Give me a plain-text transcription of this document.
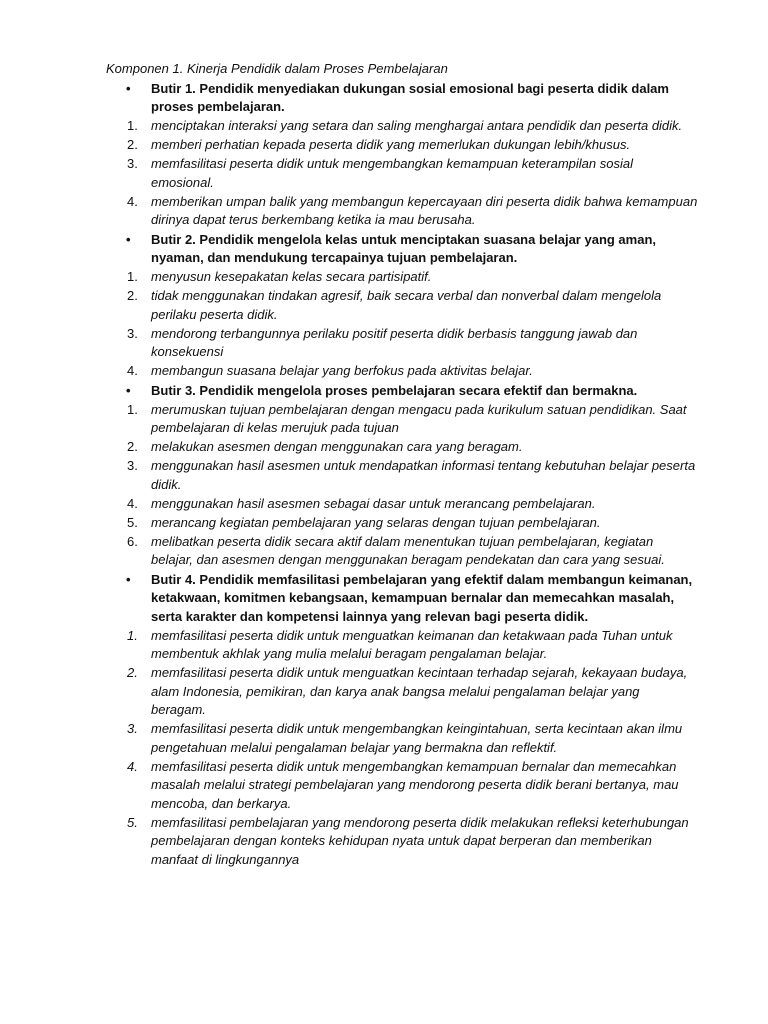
Komponen 1. Kinerja Pendidik dalam Proses Pembelajaran

• Butir 1. Pendidik menyediakan dukungan sosial emosional bagi peserta didik dalam proses pembelajaran.
1. menciptakan interaksi yang setara dan saling menghargai antara pendidik dan peserta didik.
2. memberi perhatian kepada peserta didik yang memerlukan dukungan lebih/khusus.
3. memfasilitasi peserta didik untuk mengembangkan kemampuan keterampilan sosial emosional.
4. memberikan umpan balik yang membangun kepercayaan diri peserta didik bahwa kemampuan dirinya dapat terus berkembang ketika ia mau berusaha.
• Butir 2. Pendidik mengelola kelas untuk menciptakan suasana belajar yang aman, nyaman, dan mendukung tercapainya tujuan pembelajaran.
1. menyusun kesepakatan kelas secara partisipatif.
2. tidak menggunakan tindakan agresif, baik secara verbal dan nonverbal dalam mengelola perilaku peserta didik.
3. mendorong terbangunnya perilaku positif peserta didik berbasis tanggung jawab dan konsekuensi
4. membangun suasana belajar yang berfokus pada aktivitas belajar.
• Butir 3. Pendidik mengelola proses pembelajaran secara efektif dan bermakna.
1. merumuskan tujuan pembelajaran dengan mengacu pada kurikulum satuan pendidikan. Saat pembelajaran di kelas merujuk pada tujuan
2. melakukan asesmen dengan menggunakan cara yang beragam.
3. menggunakan hasil asesmen untuk mendapatkan informasi tentang kebutuhan belajar peserta didik.
4. menggunakan hasil asesmen sebagai dasar untuk merancang pembelajaran.
5. merancang kegiatan pembelajaran yang selaras dengan tujuan pembelajaran.
6. melibatkan peserta didik secara aktif dalam menentukan tujuan pembelajaran, kegiatan belajar, dan asesmen dengan menggunakan beragam pendekatan dan cara yang sesuai.
• Butir 4. Pendidik memfasilitasi pembelajaran yang efektif dalam membangun keimanan, ketakwaan, komitmen kebangsaan, kemampuan bernalar dan memecahkan masalah, serta karakter dan kompetensi lainnya yang relevan bagi peserta didik.
1. memfasilitasi peserta didik untuk menguatkan keimanan dan ketakwaan pada Tuhan untuk membentuk akhlak yang mulia melalui beragam pengalaman belajar.
2. memfasilitasi peserta didik untuk menguatkan kecintaan terhadap sejarah, kekayaan budaya, alam Indonesia, pemikiran, dan karya anak bangsa melalui pengalaman belajar yang beragam.
3. memfasilitasi peserta didik untuk mengembangkan keingintahuan, serta kecintaan akan ilmu pengetahuan melalui pengalaman belajar yang bermakna dan reflektif.
4. memfasilitasi peserta didik untuk mengembangkan kemampuan bernalar dan memecahkan masalah melalui strategi pembelajaran yang mendorong peserta didik berani bertanya, mau mencoba, dan berkarya.
5. memfasilitasi pembelajaran yang mendorong peserta didik melakukan refleksi keterhubungan pembelajaran dengan konteks kehidupan nyata untuk dapat berperan dan memberikan manfaat di lingkungannya
